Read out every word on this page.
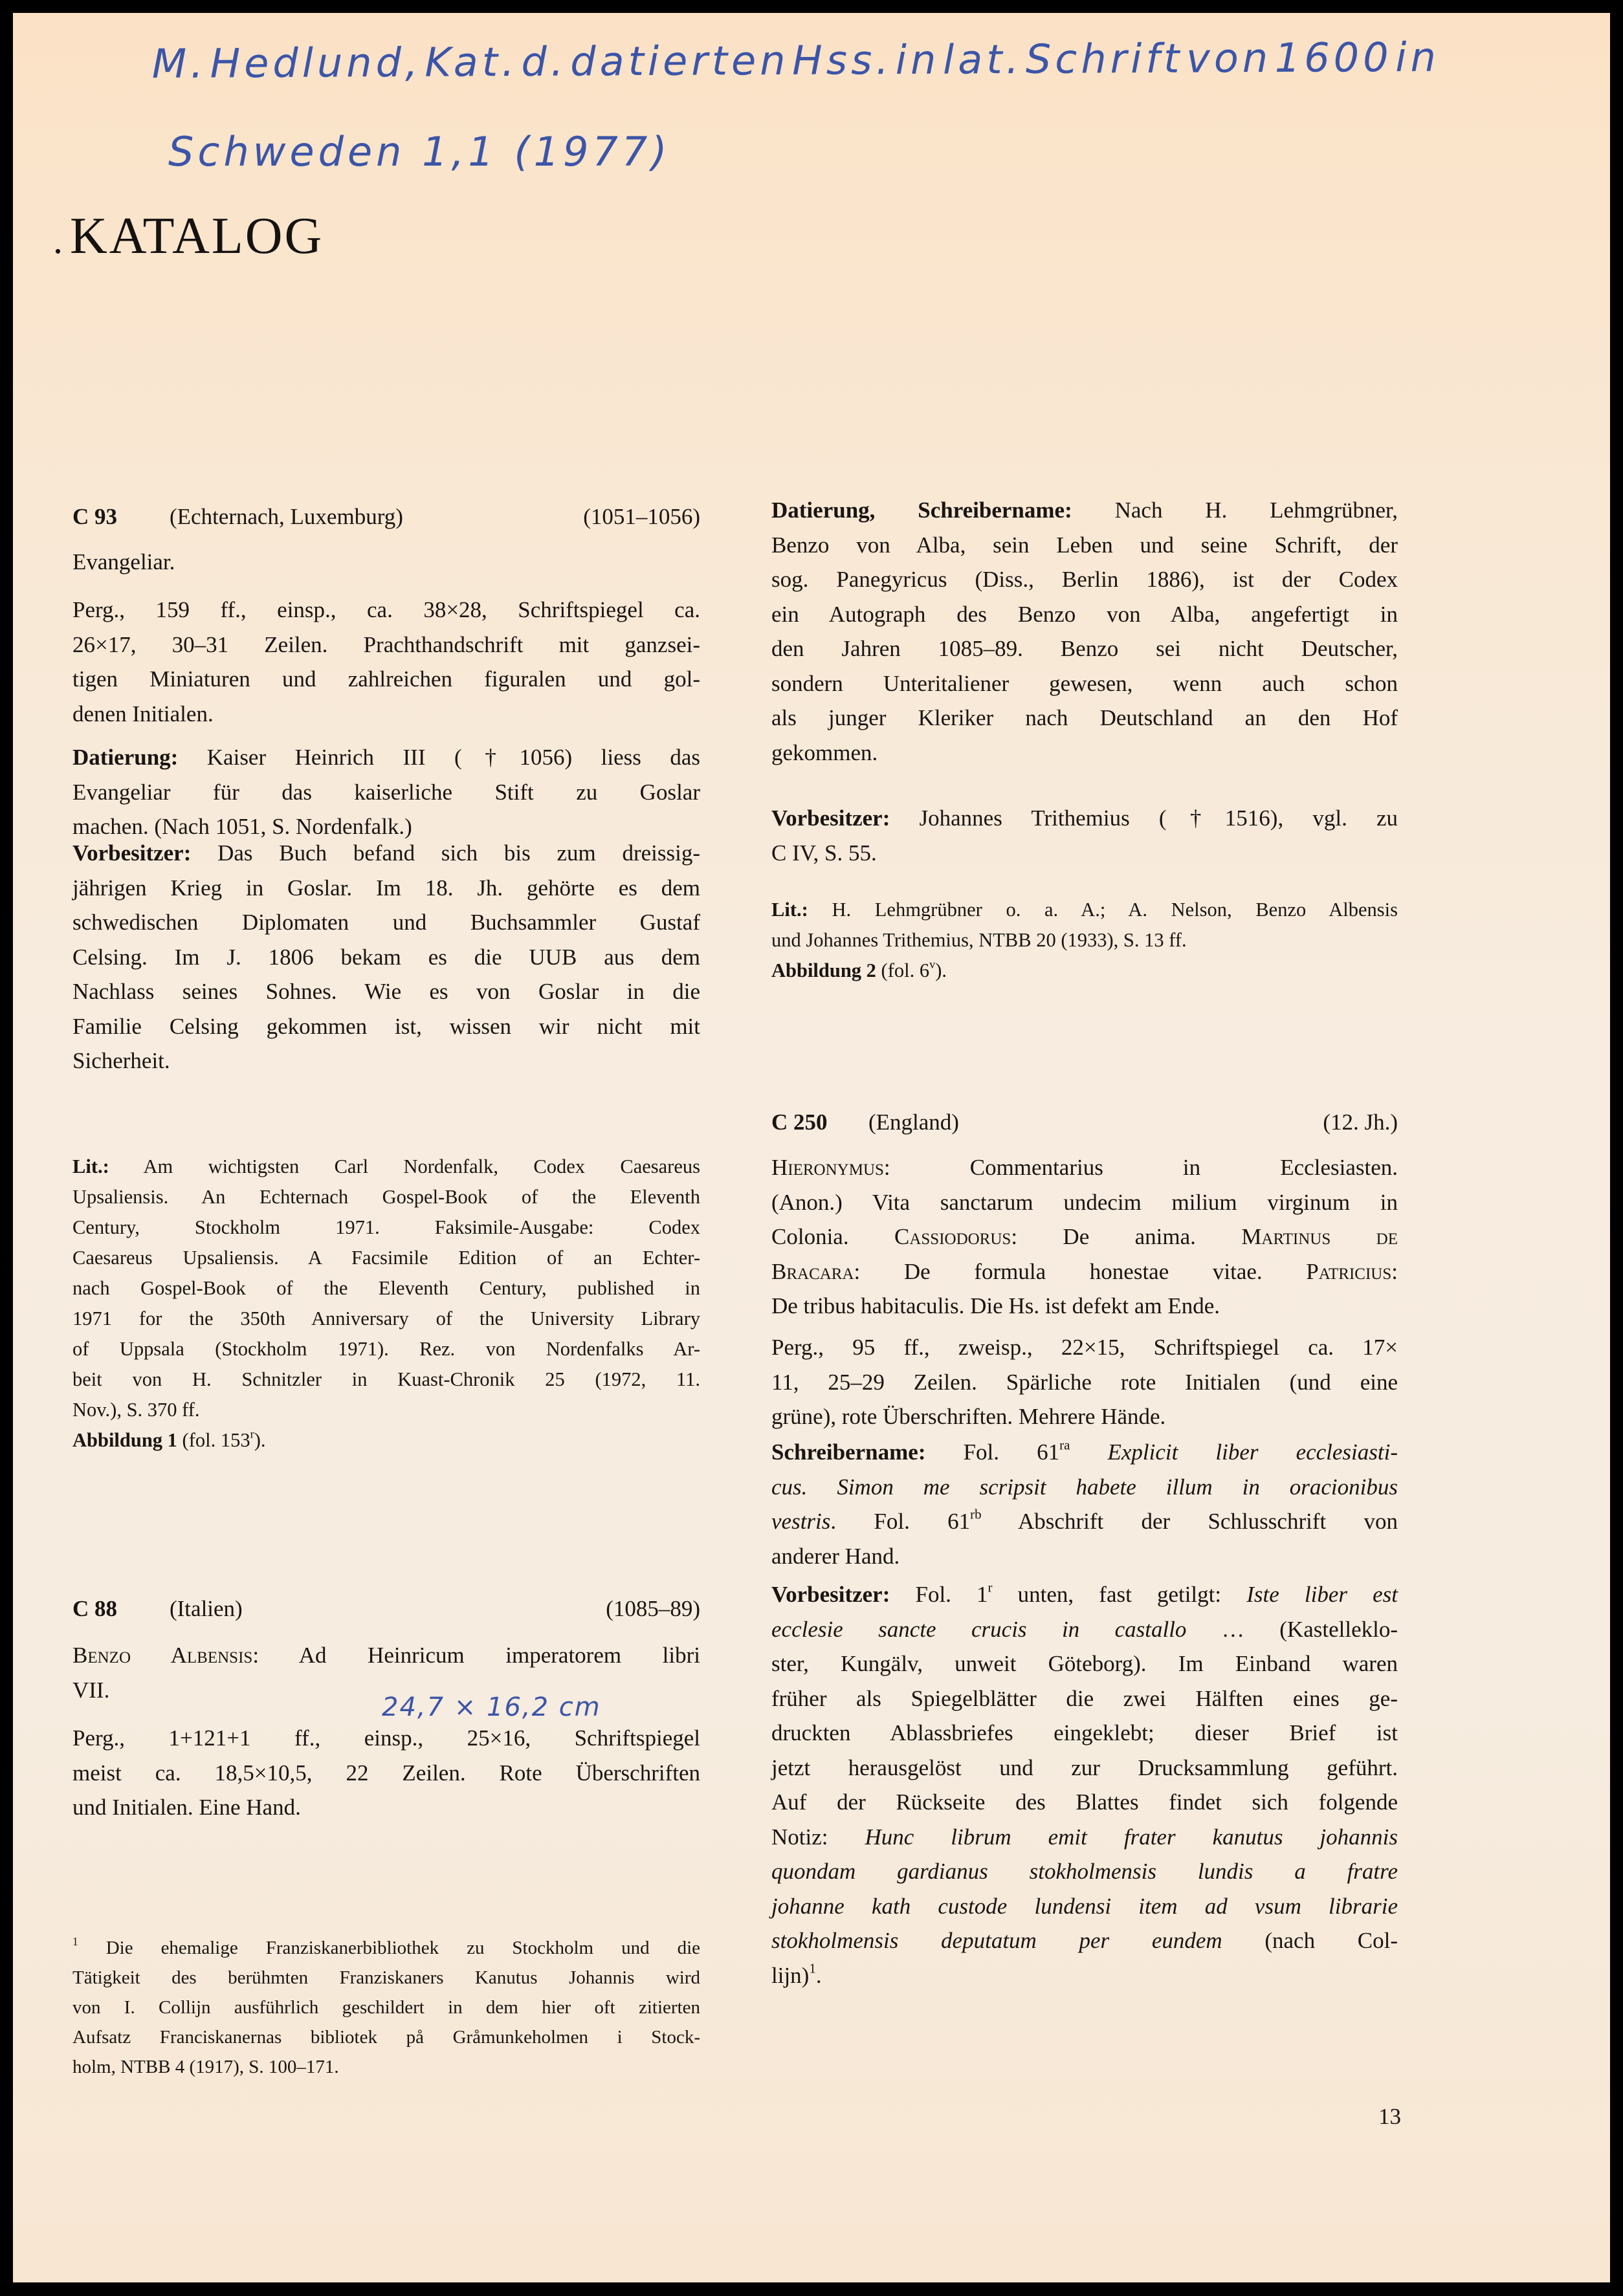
M. Hedlund, Kat. d. datierten Hss. in lat. Schrift von 1600 in
Schweden 1,1 (1977)
. KATALOG
C 93	(Echternach, Luxemburg)	(1051–1056)
Evangeliar.
Perg., 159 ff., einsp., ca. 38×28, Schriftspiegel ca.
26×17, 30–31 Zeilen. Prachthandschrift mit ganzsei-
tigen Miniaturen und zahlreichen figuralen und gol-
denen Initialen.
Datierung: Kaiser Heinrich III (†1056) liess das
Evangeliar für das kaiserliche Stift zu Goslar
machen. (Nach 1051, S. Nordenfalk.)
Vorbesitzer: Das Buch befand sich bis zum dreissig-
jährigen Krieg in Goslar. Im 18. Jh. gehörte es dem
schwedischen Diplomaten und Buchsammler Gustaf
Celsing. Im J. 1806 bekam es die UUB aus dem
Nachlass seines Sohnes. Wie es von Goslar in die
Familie Celsing gekommen ist, wissen wir nicht mit
Sicherheit.
Lit.: Am wichtigsten Carl Nordenfalk, Codex Caesareus
Upsaliensis. An Echternach Gospel-Book of the Eleventh
Century, Stockholm 1971. Faksimile-Ausgabe: Codex
Caesareus Upsaliensis. A Facsimile Edition of an Echter-
nach Gospel-Book of the Eleventh Century, published in
1971 for the 350th Anniversary of the University Library
of Uppsala (Stockholm 1971). Rez. von Nordenfalks Ar-
beit von H. Schnitzler in Kuast-Chronik 25 (1972, 11.
Nov.), S. 370 ff.
Abbildung 1 (fol. 153$^r$).
C 88	(Italien)	(1085–89)
Benzo Albensis: Ad Heinricum imperatorem libri
VII.
Perg., 1+121+1 ff., einsp., 25×16, Schriftspiegel
meist ca. 18,5×10,5, 22 Zeilen. Rote Überschriften
und Initialen. Eine Hand.
$^1$ Die ehemalige Franziskanerbibliothek zu Stockholm und die
Tätigkeit des berühmten Franziskaners Kanutus Johannis wird
von I. Collijn ausführlich geschildert in dem hier oft zitierten
Aufsatz Franciskanernas bibliotek på Gråmunkeholmen i Stock-
holm, NTBB 4 (1917), S. 100–171.
24,7 × 16,2 cm
Datierung, Schreibername: Nach H. Lehmgrübner,
Benzo von Alba, sein Leben und seine Schrift, der
sog. Panegyricus (Diss., Berlin 1886), ist der Codex
ein Autograph des Benzo von Alba, angefertigt in
den Jahren 1085–89. Benzo sei nicht Deutscher,
sondern Unteritaliener gewesen, wenn auch schon
als junger Kleriker nach Deutschland an den Hof
gekommen.
Vorbesitzer: Johannes Trithemius (†1516), vgl. zu
C IV, S. 55.
Lit.: H. Lehmgrübner o. a. A.; A. Nelson, Benzo Albensis
und Johannes Trithemius, NTBB 20 (1933), S. 13 ff.
Abbildung 2 (fol. 6$^v$).
C 250	(England)	(12. Jh.)
Hieronymus: Commentarius in Ecclesiasten.
(Anon.) Vita sanctarum undecim milium virginum in
Colonia. Cassiodorus: De anima. Martinus de
Bracara: De formula honestae vitae. Patricius:
De tribus habitaculis. Die Hs. ist defekt am Ende.
Perg., 95 ff., zweisp., 22×15, Schriftspiegel ca. 17×
11, 25–29 Zeilen. Spärliche rote Initialen (und eine
grüne), rote Überschriften. Mehrere Hände.
Schreibername: Fol. $61^{ra}$ Explicit liber ecclesiasti-
cus. Simon me scripsit habete illum in oracionibus
vestris. Fol. $61^{rb}$ Abschrift der Schlusschrift von
anderer Hand.
Vorbesitzer: Fol. 1$^r$ unten, fast getilgt: Iste liber est
ecclesie sancte crucis in castallo … (Kastelleklo-
ster, Kungälv, unweit Göteborg). Im Einband waren
früher als Spiegelblätter die zwei Hälften eines ge-
druckten Ablassbriefes eingeklebt; dieser Brief ist
jetzt herausgelöst und zur Drucksammlung geführt.
Auf der Rückseite des Blattes findet sich folgende
Notiz: Hunc librum emit frater kanutus johannis
quondam gardianus stokholmensis lundis a fratre
johanne kath custode lundensi item ad vsum librarie
stokholmensis deputatum per eundem (nach Col-
lijn)$^1$.
13
